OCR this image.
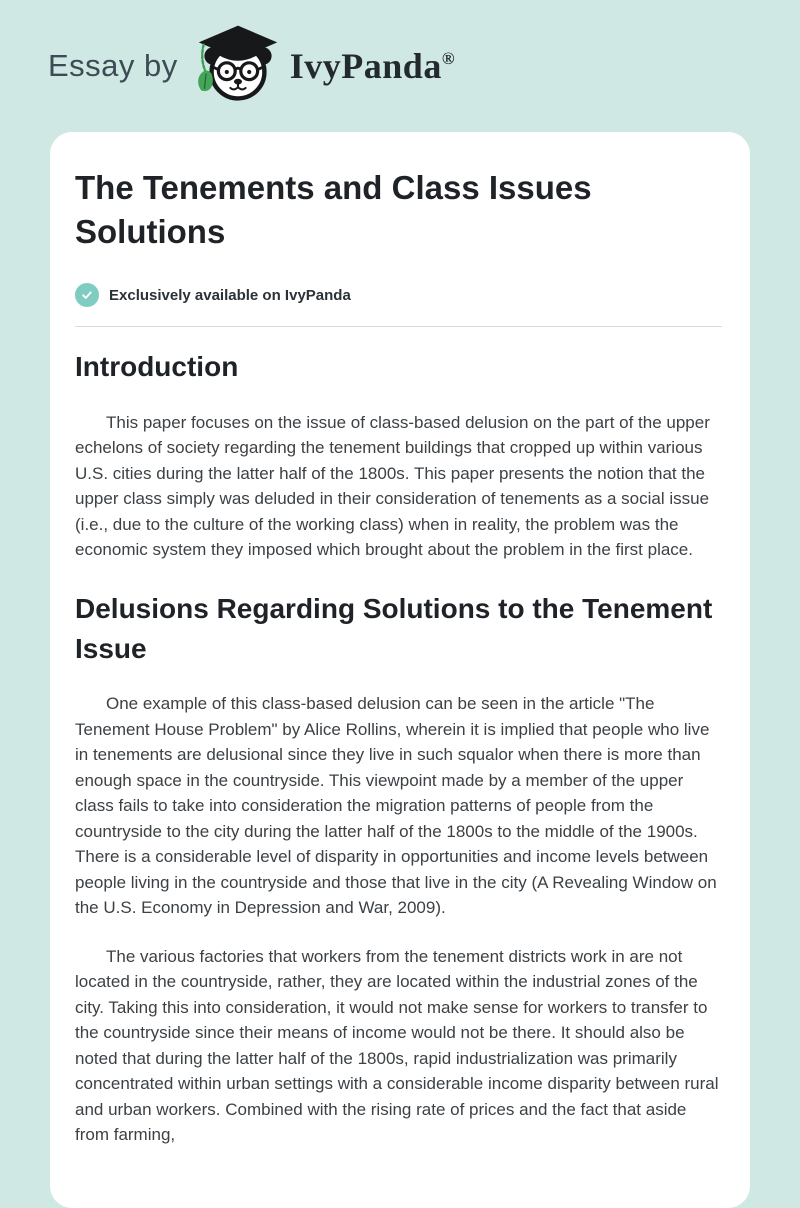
Essay by	IvyPanda®
The Tenements and Class Issues Solutions
Exclusively available on IvyPanda
Introduction

This paper focuses on the issue of class-based delusion on the part of the upper echelons of society regarding the tenement buildings that cropped up within various U.S. cities during the latter half of the 1800s. This paper presents the notion that the upper class simply was deluded in their consideration of tenements as a social issue (i.e., due to the culture of the working class) when in reality, the problem was the economic system they imposed which brought about the problem in the first place.

Delusions Regarding Solutions to the Tenement Issue

One example of this class-based delusion can be seen in the article "The Tenement House Problem" by Alice Rollins, wherein it is implied that people who live in tenements are delusional since they live in such squalor when there is more than enough space in the countryside. This viewpoint made by a member of the upper class fails to take into consideration the migration patterns of people from the countryside to the city during the latter half of the 1800s to the middle of the 1900s. There is a considerable level of disparity in opportunities and income levels between people living in the countryside and those that live in the city (A Revealing Window on the U.S. Economy in Depression and War, 2009).

The various factories that workers from the tenement districts work in are not located in the countryside, rather, they are located within the industrial zones of the city. Taking this into consideration, it would not make sense for workers to transfer to the countryside since their means of income would not be there. It should also be noted that during the latter half of the 1800s, rapid industrialization was primarily concentrated within urban settings with a considerable income disparity between rural and urban workers. Combined with the rising rate of prices and the fact that aside from farming,
